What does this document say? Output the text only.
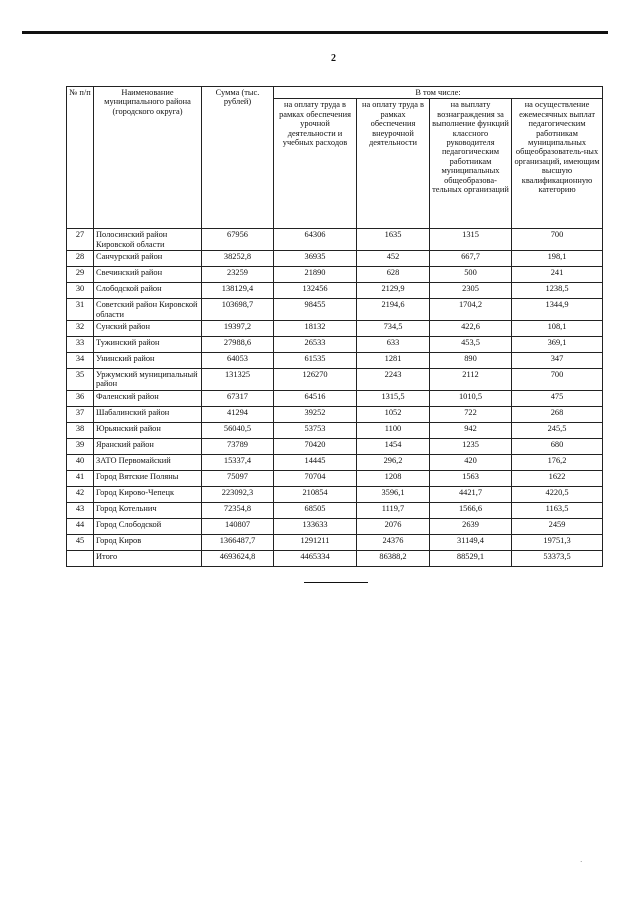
2
№ п/п	Наименование муниципального района (городского округа)	Сумма (тыс. рублей)	В том числе:			
			на оплату труда в рамках обеспечения урочной деятельности и учебных расходов	на оплату труда в рамках обеспечения внеурочной деятельности	на выплату вознаграждения за выполнение функций классного руководителя педагогическим работникам муниципальных общеобразова-тельных организаций	на осуществление ежемесячных выплат педагогическим работникам муниципальных общеобразователь-ных организаций, имеющим высшую квалификационную категорию
27	Полосинский район Кировской области	67956	64306	1635	1315	700
28	Санчурский район	38252,8	36935	452	667,7	198,1
29	Свечинский район	23259	21890	628	500	241
30	Слободской район	138129,4	132456	2129,9	2305	1238,5
31	Советский район Кировской области	103698,7	98455	2194,6	1704,2	1344,9
32	Сунский район	19397,2	18132	734,5	422,6	108,1
33	Тужинский район	27988,6	26533	633	453,5	369,1
34	Унинский район	64053	61535	1281	890	347
35	Уржумский муниципальный район	131325	126270	2243	2112	700
36	Фаленский район	67317	64516	1315,5	1010,5	475
37	Шабалинский район	41294	39252	1052	722	268
38	Юрьянский район	56040,5	53753	1100	942	245,5
39	Яранский район	73789	70420	1454	1235	680
40	ЗАТО Первомайский	15337,4	14445	296,2	420	176,2
41	Город Вятские Поляны	75097	70704	1208	1563	1622
42	Город Кирово-Чепецк	223092,3	210854	3596,1	4421,7	4220,5
43	Город Котельнич	72354,8	68505	1119,7	1566,6	1163,5
44	Город Слободской	140807	133633	2076	2639	2459
45	Город Киров	1366487,7	1291211	24376	31149,4	19751,3
	Итого	4693624,8	4465334	86388,2	88529,1	53373,5
·
